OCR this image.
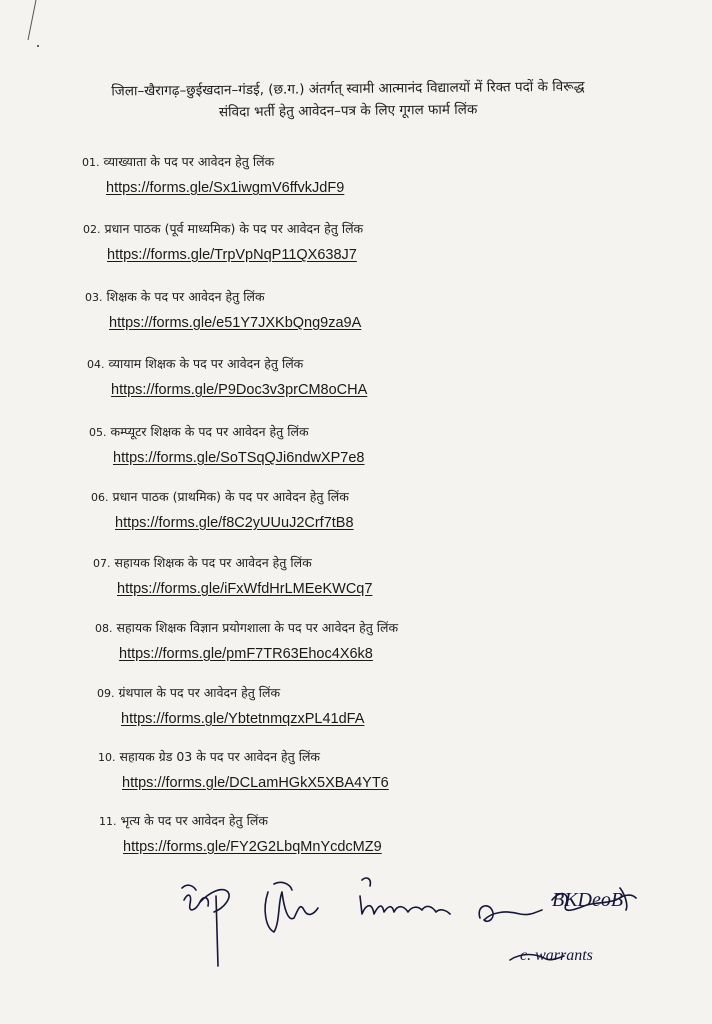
जिला–खैरागढ़–छुईखदान–गंडई, (छ.ग.) अंतर्गत् स्वामी आत्मानंद विद्यालयों में रिक्त पदों के विरूद्ध
संविदा भर्ती हेतु आवेदन–पत्र के लिए गूगल फार्म लिंक
01. व्याख्याता के पद पर आवेदन हेतु लिंक
https://forms.gle/Sx1iwgmV6ffvkJdF9
02. प्रधान पाठक (पूर्व माध्यमिक) के पद पर आवेदन हेतु लिंक
https://forms.gle/TrpVpNqP11QX638J7
03. शिक्षक के पद पर आवेदन हेतु लिंक
https://forms.gle/e51Y7JXKbQng9za9A
04. व्यायाम शिक्षक के पद पर आवेदन हेतु लिंक
https://forms.gle/P9Doc3v3prCM8oCHA
05. कम्प्यूटर शिक्षक के पद पर आवेदन हेतु लिंक
https://forms.gle/SoTSqQJi6ndwXP7e8
06. प्रधान पाठक (प्राथमिक) के पद पर आवेदन हेतु लिंक
https://forms.gle/f8C2yUUuJ2Crf7tB8
07. सहायक शिक्षक के पद पर आवेदन हेतु लिंक
https://forms.gle/iFxWfdHrLMEeKWCq7
08. सहायक शिक्षक विज्ञान प्रयोगशाला के पद पर आवेदन हेतु लिंक
https://forms.gle/pmF7TR63Ehoc4X6k8
09. ग्रंथपाल के पद पर आवेदन हेतु लिंक
https://forms.gle/YbtetnmqzxPL41dFA
10. सहायक ग्रेड 03 के पद पर आवेदन हेतु लिंक
https://forms.gle/DCLamHGkX5XBA4YT6
11. भृत्य के पद पर आवेदन हेतु लिंक
https://forms.gle/FY2G2LbqMnYcdcMZ9
BKDeoB
c. warrants
